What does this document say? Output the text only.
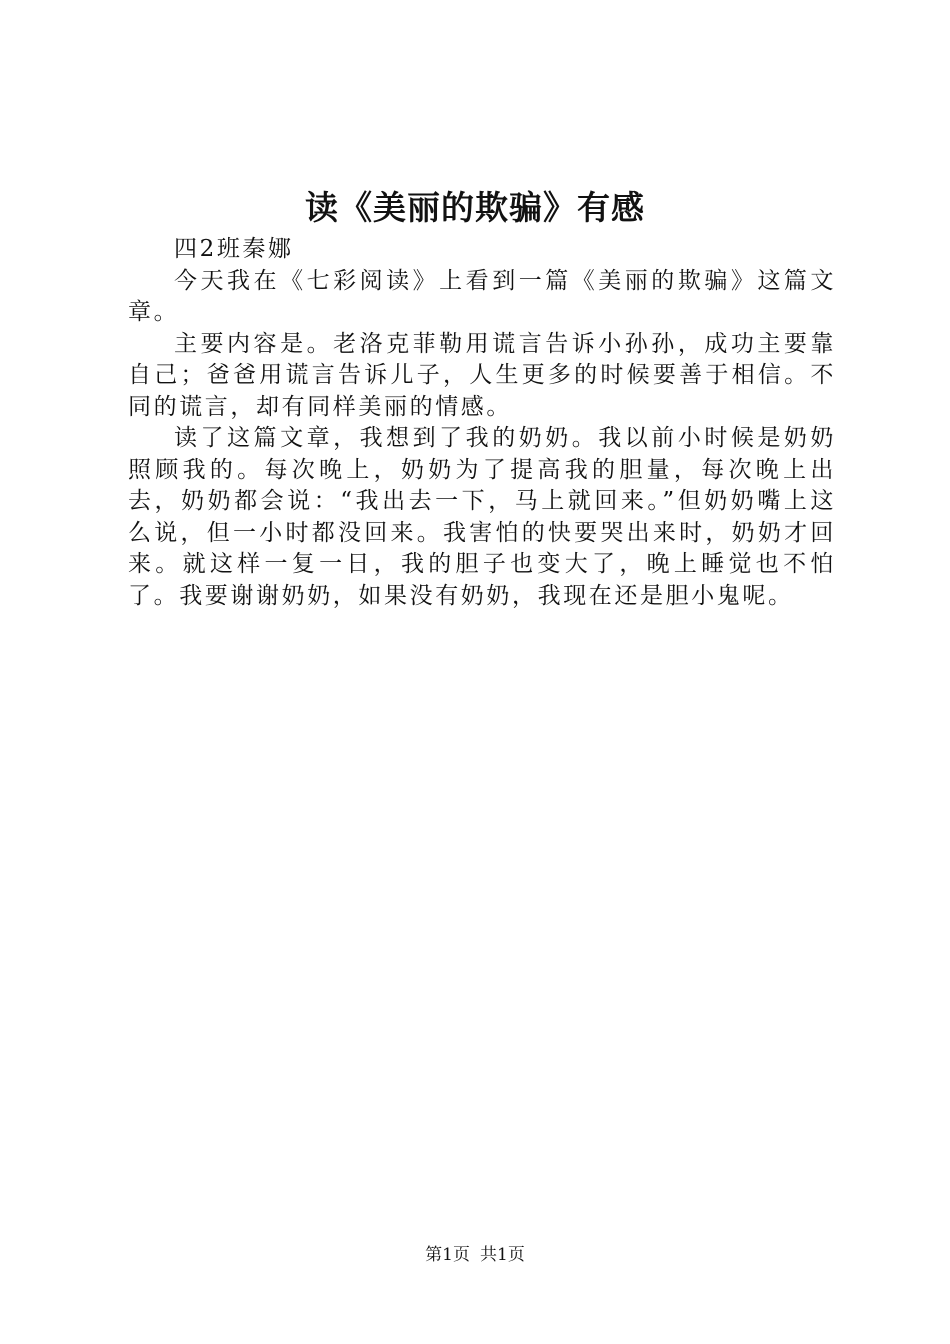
读《美丽的欺骗》有感

四2班秦娜

今天我在《七彩阅读》上看到一篇《美丽的欺骗》这篇文章。

主要内容是。老洛克菲勒用谎言告诉小孙孙，成功主要靠自己；爸爸用谎言告诉儿子，人生更多的时候要善于相信。不同的谎言，却有同样美丽的情感。

读了这篇文章，我想到了我的奶奶。我以前小时候是奶奶照顾我的。每次晚上，奶奶为了提高我的胆量，每次晚上出去，奶奶都会说：“我出去一下，马上就回来。”但奶奶嘴上这么说，但一小时都没回来。我害怕的快要哭出来时，奶奶才回来。就这样一复一日，我的胆子也变大了，晚上睡觉也不怕了。我要谢谢奶奶，如果没有奶奶，我现在还是胆小鬼呢。

第1页 共1页
